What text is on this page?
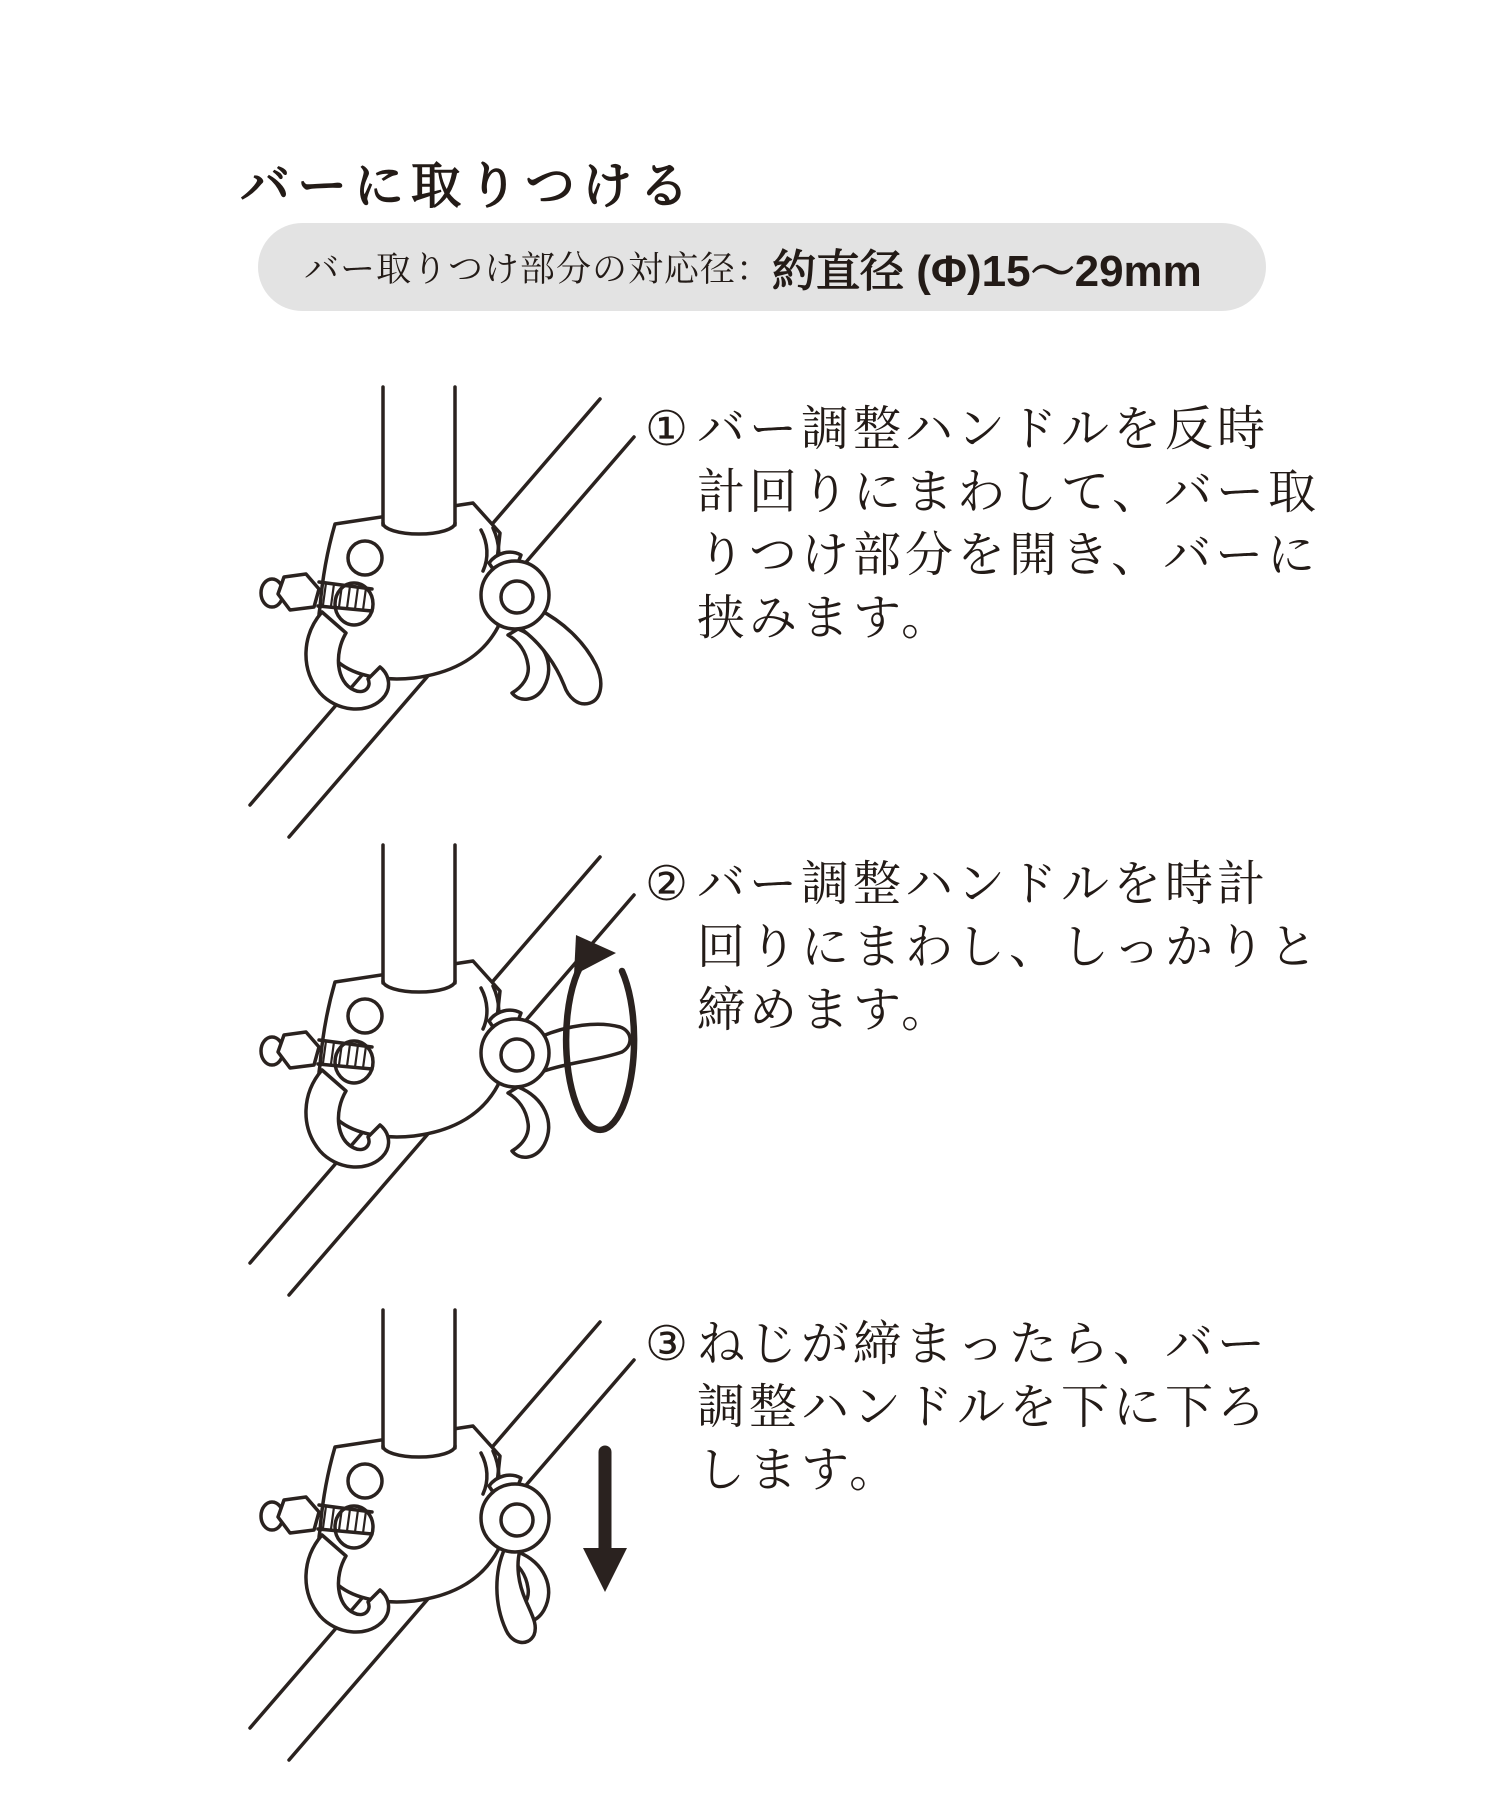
バーに取りつける
バー取りつけ部分の対応径： 約直径 (Φ)15～29mm
① バー調整ハンドルを反時
計回りにまわして、バー取
りつけ部分を開き、バーに
挟みます。
② バー調整ハンドルを時計
回りにまわし、しっかりと
締めます。
③ ねじが締まったら、バー
調整ハンドルを下に下ろ
します。
